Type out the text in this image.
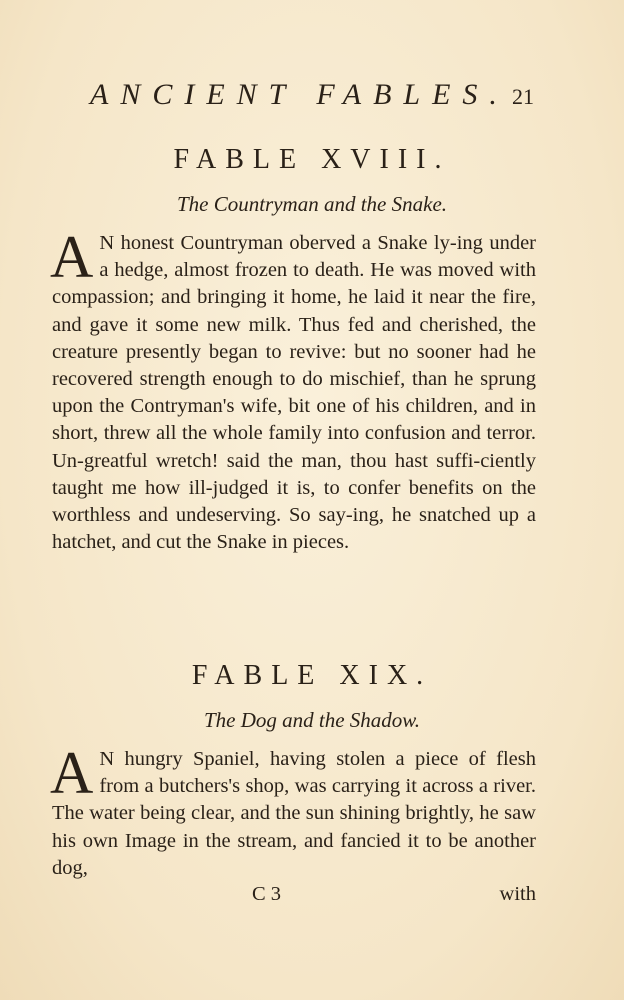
ANCIENT FABLES. 21
FABLE XVIII.
The Countryman and the Snake.

A N honest Countryman oberved a Snake ly-ing under a hedge, almost frozen to death. He was moved with compassion; and bringing it home, he laid it near the fire, and gave it some new milk. Thus fed and cherished, the creature presently began to revive: but no sooner had he recovered strength enough to do mischief, than he sprung upon the Contryman's wife, bit one of his children, and in short, threw all the whole family into confusion and terror. Un-greatful wretch! said the man, thou hast suffi-ciently taught me how ill-judged it is, to confer benefits on the worthless and undeserving. So say-ing, he snatched up a hatchet, and cut the Snake in pieces.

FABLE XIX.
The Dog and the Shadow.

A N hungry Spaniel, having stolen a piece of flesh from a butchers's shop, was carrying it across a river. The water being clear, and the sun shining brightly, he saw his own Image in the stream, and fancied it to be another dog,

C 3	with
